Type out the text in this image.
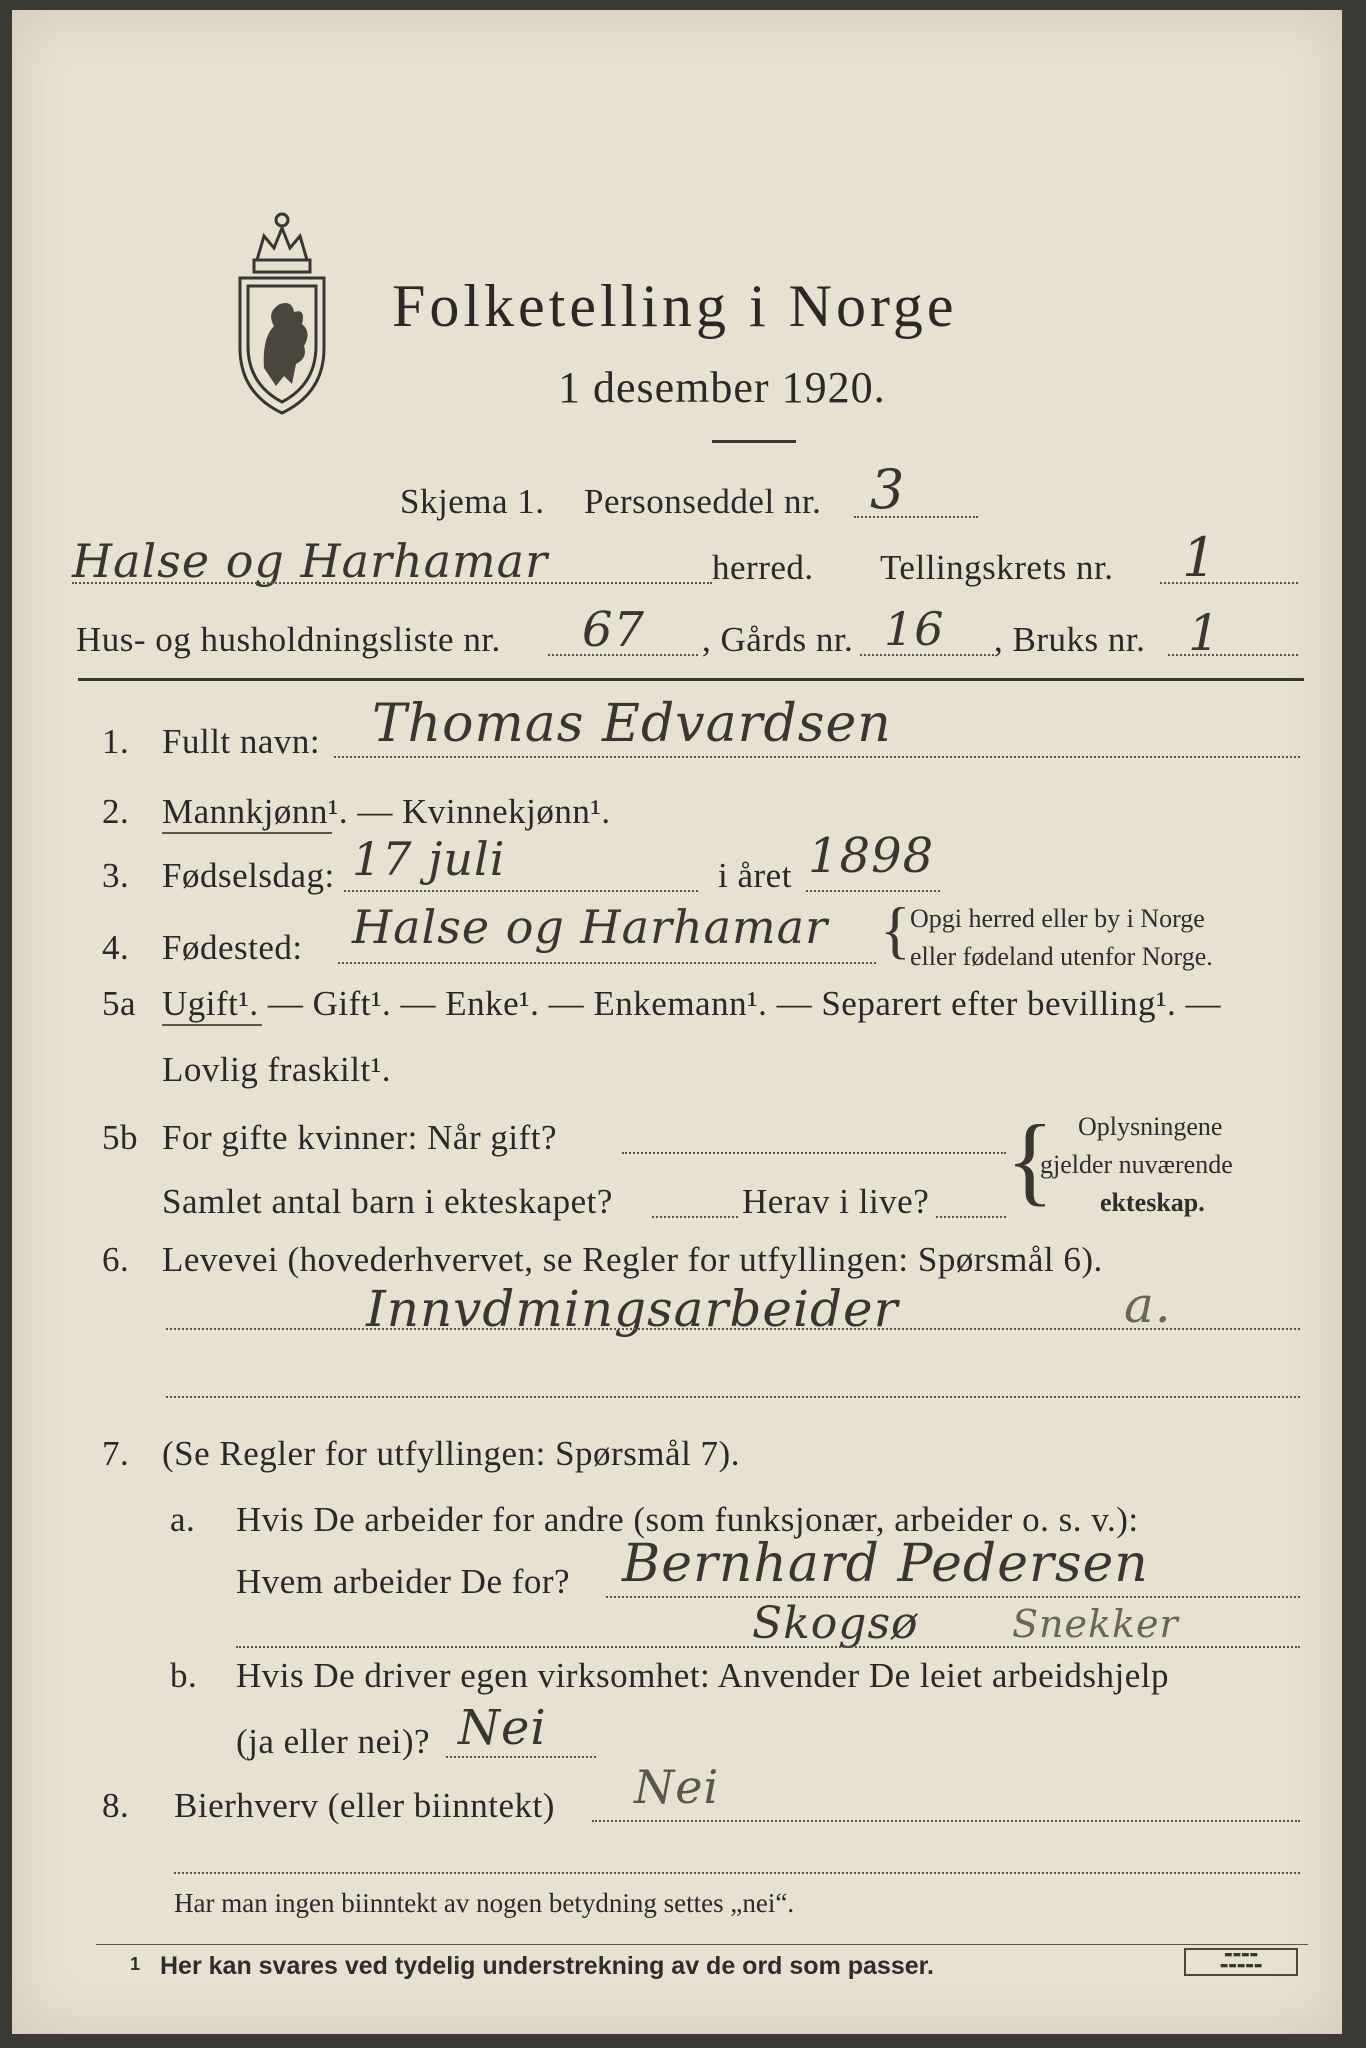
Folketelling i Norge
1 desember 1920.
Skjema 1. Personseddel nr. 3
Halse og Harhamar	herred. Tellingskrets nr. 1
Hus- og husholdningsliste nr. 67 , Gårds nr. 16 , Bruks nr. 1
1. Fullt navn: Thomas Edvardsen
2. Mannkjønn¹. — Kvinnekjønn¹.
3. Fødselsdag: 17 juli	i året 1898
4. Fødested: Halse og Harhamar { Opgi herred eller by i Norge
eller fødeland utenfor Norge.
5a Ugift¹. — Gift¹. — Enke¹. — Enkemann¹. — Separert efter bevilling¹. —
Lovlig fraskilt¹.
5b For gifte kvinner: Når gift?
Samlet antal barn i ekteskapet?	Herav i live? { Oplysningene
gjelder nuværende
ekteskap.
6. Levevei (hovederhvervet, se Regler for utfyllingen: Spørsmål 6).
Innvdmingsarbeider	a.
7. (Se Regler for utfyllingen: Spørsmål 7).
a. Hvis De arbeider for andre (som funksjonær, arbeider o. s. v.):
Hvem arbeider De for? Bernhard Pedersen
Skogsø Snekker
b. Hvis De driver egen virksomhet: Anvender De leiet arbeidshjelp
(ja eller nei)? Nei
8. Bierhverv (eller biinntekt) Nei
Har man ingen biinntekt av nogen betydning settes „nei“.
1 Her kan svares ved tydelig understrekning av de ord som passer.	▬▬▬▬
▬▬▬▬▬
